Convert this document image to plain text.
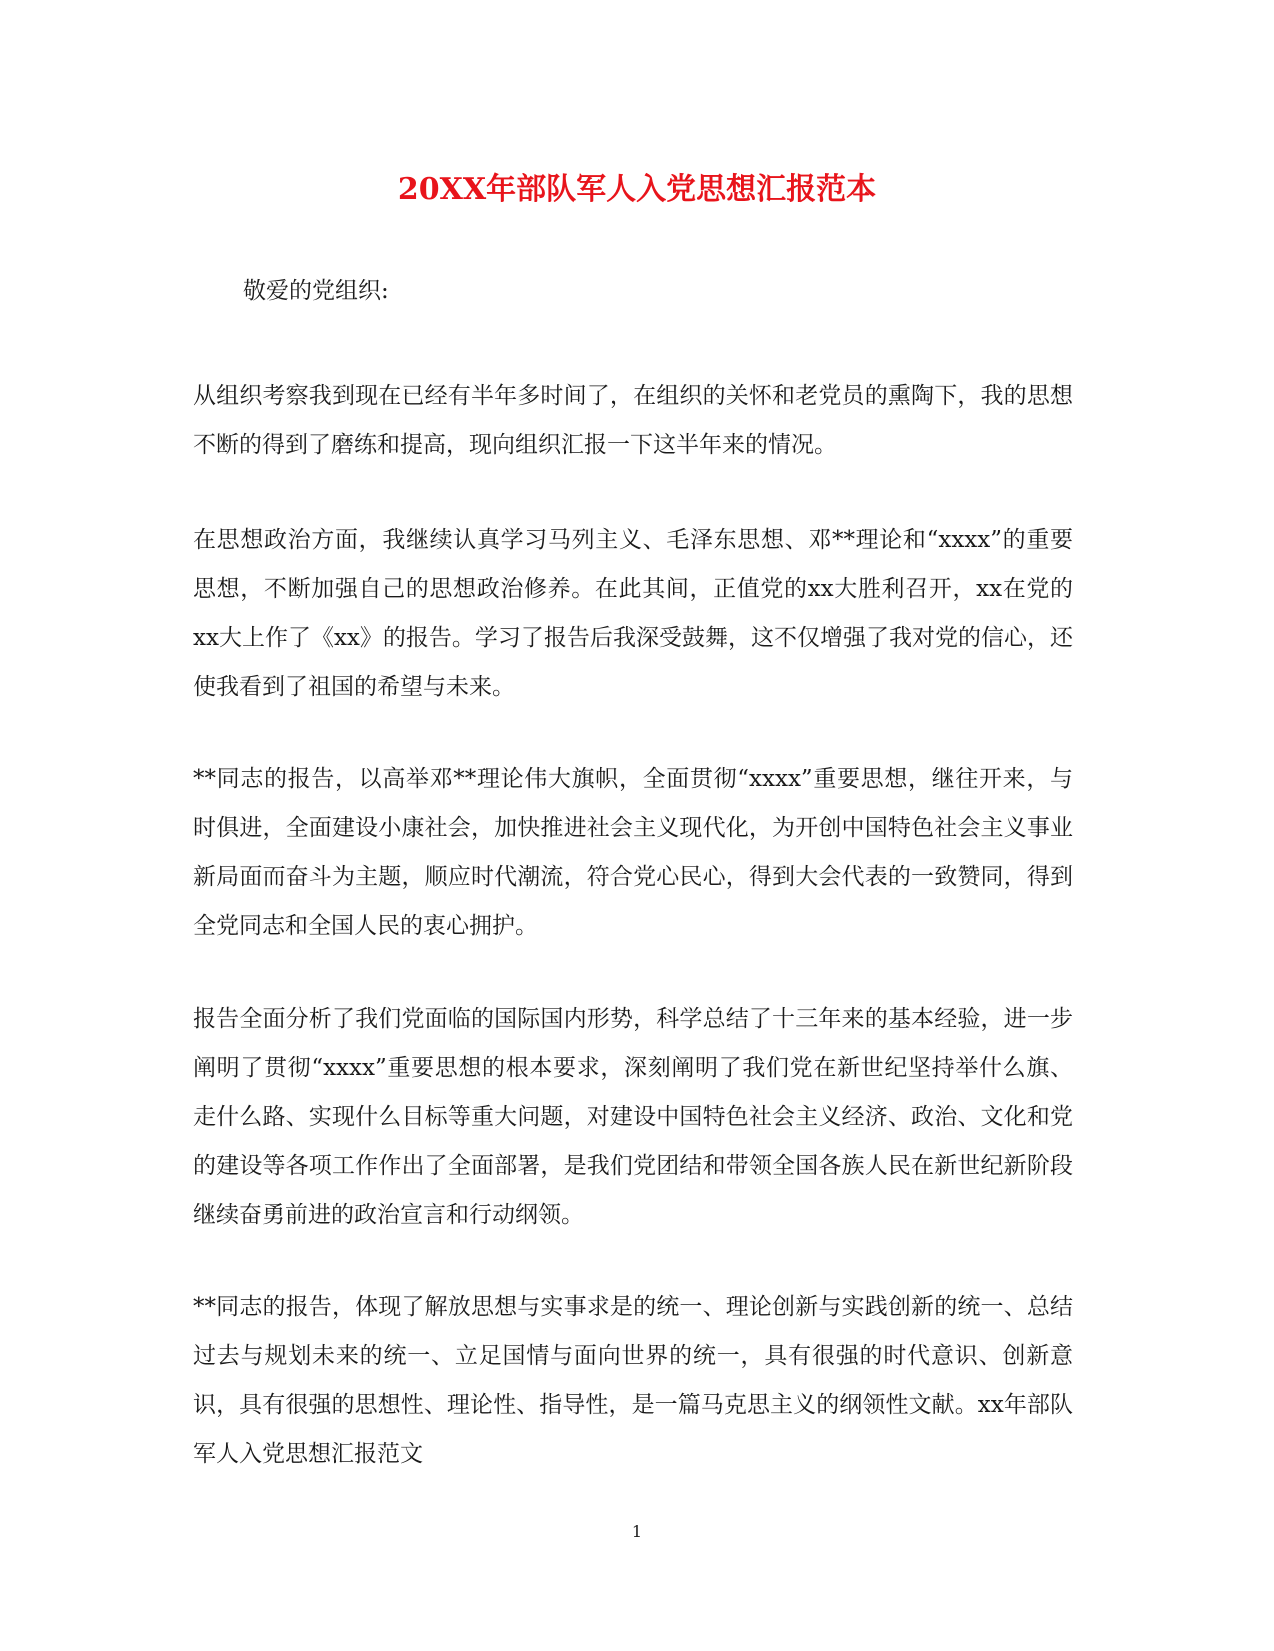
20XX年部队军人入党思想汇报范本

敬爱的党组织:

从组织考察我到现在已经有半年多时间了，在组织的关怀和老党员的熏陶下，我的思想不断的得到了磨练和提高，现向组织汇报一下这半年来的情况。

在思想政治方面，我继续认真学习马列主义、毛泽东思想、邓**理论和“xxxx”的重要思想，不断加强自己的思想政治修养。在此其间，正值党的xx大胜利召开，xx在党的xx大上作了《xx》的报告。学习了报告后我深受鼓舞，这不仅增强了我对党的信心，还使我看到了祖国的希望与未来。

**同志的报告，以高举邓**理论伟大旗帜，全面贯彻“xxxx”重要思想，继往开来，与时俱进，全面建设小康社会，加快推进社会主义现代化，为开创中国特色社会主义事业新局面而奋斗为主题，顺应时代潮流，符合党心民心，得到大会代表的一致赞同，得到全党同志和全国人民的衷心拥护。

报告全面分析了我们党面临的国际国内形势，科学总结了十三年来的基本经验，进一步阐明了贯彻“xxxx”重要思想的根本要求，深刻阐明了我们党在新世纪坚持举什么旗、走什么路、实现什么目标等重大问题，对建设中国特色社会主义经济、政治、文化和党的建设等各项工作作出了全面部署，是我们党团结和带领全国各族人民在新世纪新阶段继续奋勇前进的政治宣言和行动纲领。

**同志的报告，体现了解放思想与实事求是的统一、理论创新与实践创新的统一、总结过去与规划未来的统一、立足国情与面向世界的统一，具有很强的时代意识、创新意识，具有很强的思想性、理论性、指导性，是一篇马克思主义的纲领性文献。xx年部队军人入党思想汇报范文

1
